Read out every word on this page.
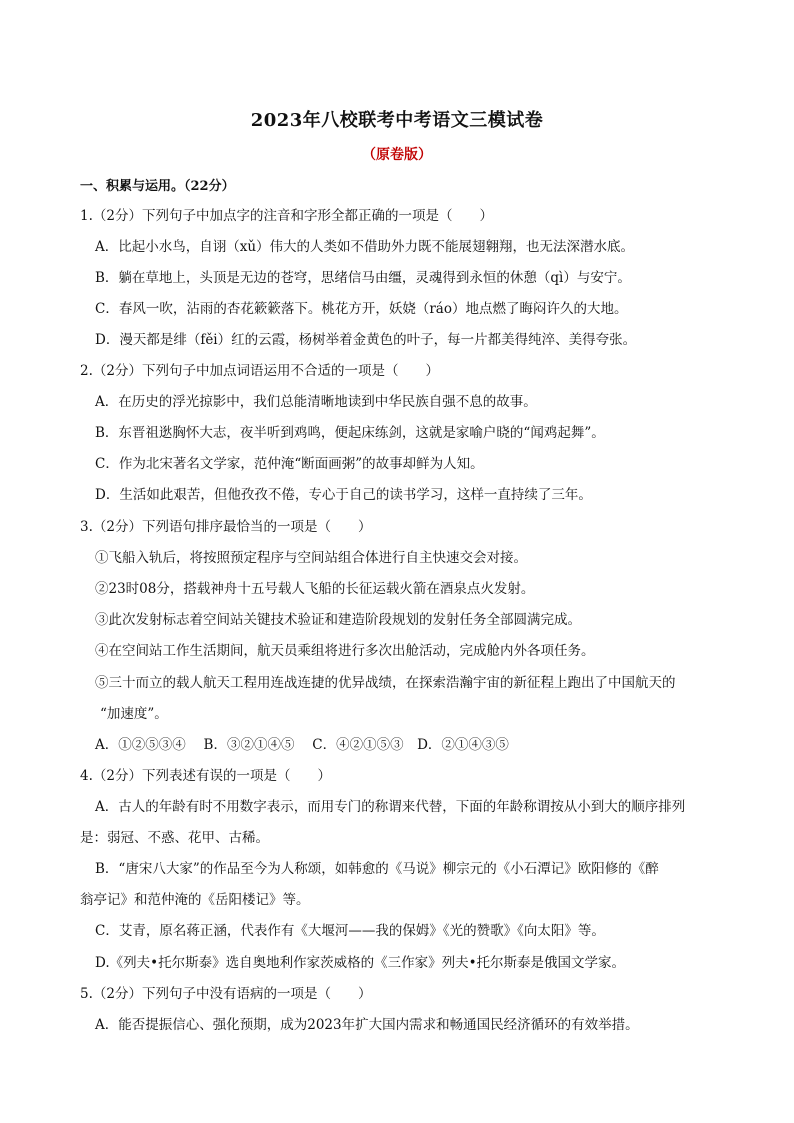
2023年八校联考中考语文三模试卷
（原卷版）
一、积累与运用。（22分）
1.（2分）下列句子中加点字的注音和字形全都正确的一项是（　　）
A．比起小水鸟，自诩（xǔ）伟大的人类如不借助外力既不能展翅翱翔，也无法深潜水底。
B．躺在草地上，头顶是无边的苍穹，思绪信马由缰，灵魂得到永恒的休憩（qì）与安宁。
C．春风一吹，沾雨的杏花簌簌落下。桃花方开，妖娆（ráo）地点燃了晦闷许久的大地。
D．漫天都是绯（fěi）红的云霞，杨树举着金黄色的叶子，每一片都美得纯淬、美得夸张。
2.（2分）下列句子中加点词语运用不合适的一项是（　　）
A．在历史的浮光掠影中，我们总能清晰地读到中华民族自强不息的故事。
B．东晋祖逖胸怀大志，夜半听到鸡鸣，便起床练剑，这就是家喻户晓的“闻鸡起舞”。
C．作为北宋著名文学家，范仲淹“断面画粥”的故事却鲜为人知。
D．生活如此艰苦，但他孜孜不倦，专心于自己的读书学习，这样一直持续了三年。
3.（2分）下列语句排序最恰当的一项是（　　）
①飞船入轨后，将按照预定程序与空间站组合体进行自主快速交会对接。
②23时08分，搭载神舟十五号载人飞船的长征运载火箭在酒泉点火发射。
③此次发射标志着空间站关键技术验证和建造阶段规划的发射任务全部圆满完成。
④在空间站工作生活期间，航天员乘组将进行多次出舱活动，完成舱内外各项任务。
⑤三十而立的载人航天工程用连战连捷的优异战绩，在探索浩瀚宇宙的新征程上跑出了中国航天的
“加速度”。
A．①②⑤③④　 B．③②①④⑤　 C．④②①⑤③　D．②①④③⑤
4.（2分）下列表述有误的一项是（　　）
A．古人的年龄有时不用数字表示，而用专门的称谓来代替，下面的年龄称谓按从小到大的顺序排列
是：弱冠、不惑、花甲、古稀。
B．“唐宋八大家”的作品至今为人称颂，如韩愈的《马说》柳宗元的《小石潭记》欧阳修的《醉
翁亭记》和范仲淹的《岳阳楼记》等。
C．艾青，原名蒋正涵，代表作有《大堰河——我的保姆》《光的赞歌》《向太阳》等。
D.《列夫•托尔斯泰》选自奥地利作家茨威格的《三作家》列夫•托尔斯泰是俄国文学家。
5.（2分）下列句子中没有语病的一项是（　　）
A．能否提振信心、强化预期，成为2023年扩大国内需求和畅通国民经济循环的有效举措。
